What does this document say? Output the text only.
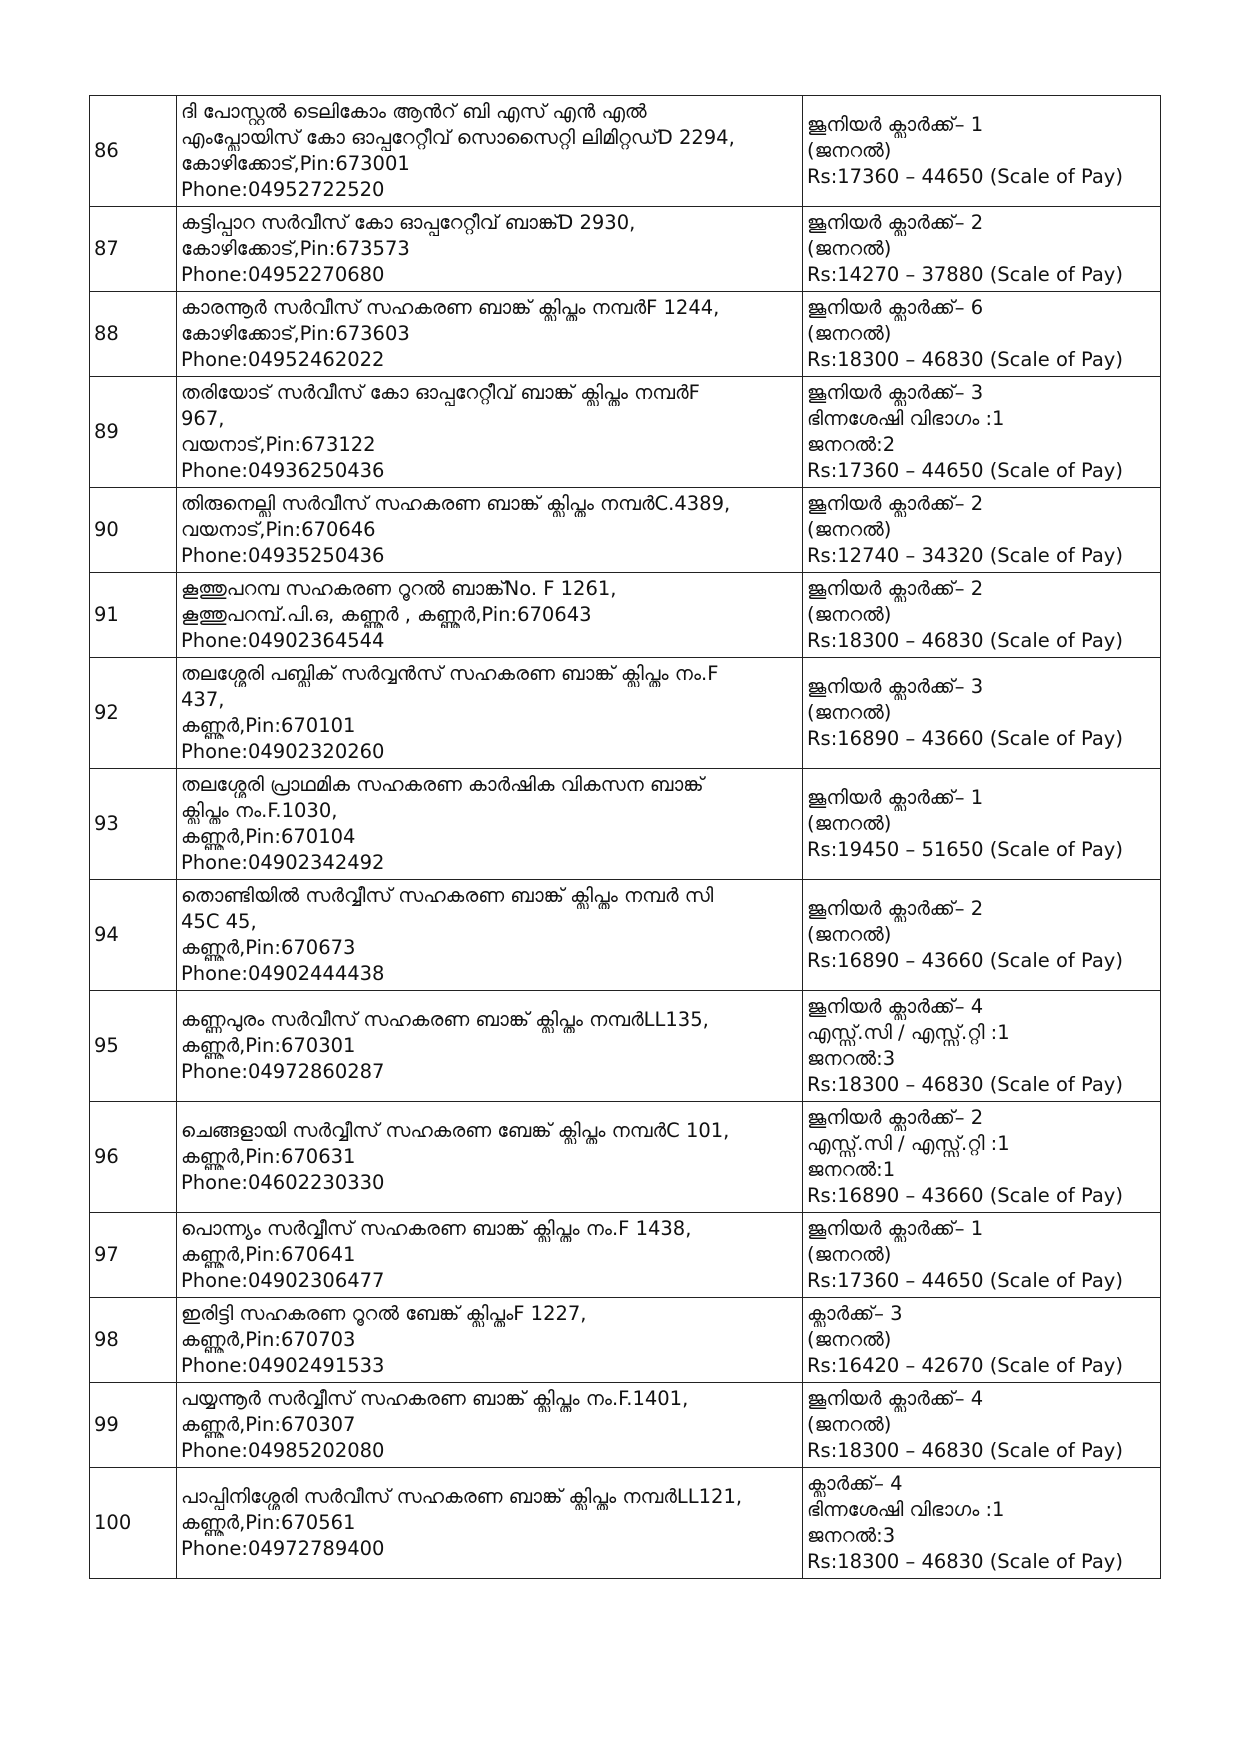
86	ദി പോസ്റ്റൽ ടെലികോം ആൻറ് ബി എസ് എൻ എൽ
എംപ്ലോയിസ് കോ ഓപ്പറേറ്റീവ് സൊസൈറ്റി ലിമിറ്റഡ്D 2294,
കോഴിക്കോട്,Pin:673001
Phone:04952722520	ജൂനിയർ ക്ലാർക്ക്– 1
(ജനറൽ)
Rs:17360 – 44650 (Scale of Pay)

87	കട്ടിപ്പാറ സർവീസ് കോ ഓപ്പറേറ്റീവ് ബാങ്ക്D 2930,
കോഴിക്കോട്,Pin:673573
Phone:04952270680	ജൂനിയർ ക്ലാർക്ക്– 2
(ജനറൽ)
Rs:14270 – 37880 (Scale of Pay)

88	കാരന്നൂർ സർവീസ് സഹകരണ ബാങ്ക് ക്ലിപ്തം നമ്പർF 1244,
കോഴിക്കോട്,Pin:673603
Phone:04952462022	ജൂനിയർ ക്ലാർക്ക്– 6
(ജനറൽ)
Rs:18300 – 46830 (Scale of Pay)

89	തരിയോട് സർവീസ് കോ ഓപ്പറേറ്റീവ് ബാങ്ക് ക്ലിപ്തം നമ്പർF
967,
വയനാട്,Pin:673122
Phone:04936250436	ജൂനിയർ ക്ലാർക്ക്– 3
ഭിന്നശേഷി വിഭാഗം :1
ജനറൽ:2
Rs:17360 – 44650 (Scale of Pay)

90	തിരുനെല്ലി സർവീസ് സഹകരണ ബാങ്ക് ക്ലിപ്തം നമ്പർC.4389,
വയനാട്,Pin:670646
Phone:04935250436	ജൂനിയർ ക്ലാർക്ക്– 2
(ജനറൽ)
Rs:12740 – 34320 (Scale of Pay)

91	കൂത്തുപറമ്പ സഹകരണ റൂറൽ ബാങ്ക്No. F 1261,
കൂത്തുപറമ്പ്.പി.ഒ, കണ്ണൂർ , കണ്ണൂർ,Pin:670643
Phone:04902364544	ജൂനിയർ ക്ലാർക്ക്– 2
(ജനറൽ)
Rs:18300 – 46830 (Scale of Pay)

92	തലശ്ശേരി പബ്ലിക് സർവ്വൻസ് സഹകരണ ബാങ്ക് ക്ലിപ്തം നം.F
437,
കണ്ണൂർ,Pin:670101
Phone:04902320260	ജൂനിയർ ക്ലാർക്ക്– 3
(ജനറൽ)
Rs:16890 – 43660 (Scale of Pay)

93	തലശ്ശേരി പ്രാഥമിക സഹകരണ കാർഷിക വികസന ബാങ്ക്
ക്ലിപ്തം നം.F.1030,
കണ്ണൂർ,Pin:670104
Phone:04902342492	ജൂനിയർ ക്ലാർക്ക്– 1
(ജനറൽ)
Rs:19450 – 51650 (Scale of Pay)

94	തൊണ്ടിയിൽ സർവ്വീസ് സഹകരണ ബാങ്ക് ക്ലിപ്തം നമ്പർ സി
45C 45,
കണ്ണൂർ,Pin:670673
Phone:04902444438	ജൂനിയർ ക്ലാർക്ക്– 2
(ജനറൽ)
Rs:16890 – 43660 (Scale of Pay)

95	കണ്ണപുരം സർവീസ് സഹകരണ ബാങ്ക് ക്ലിപ്തം നമ്പർLL135,
കണ്ണൂർ,Pin:670301
Phone:04972860287	ജൂനിയർ ക്ലാർക്ക്– 4
എസ്സ്.സി / എസ്സ്.റ്റി :1
ജനറൽ:3
Rs:18300 – 46830 (Scale of Pay)

96	ചെങ്ങളായി സർവ്വീസ് സഹകരണ ബേങ്ക് ക്ലിപ്തം നമ്പർC 101,
കണ്ണൂർ,Pin:670631
Phone:04602230330	ജൂനിയർ ക്ലാർക്ക്– 2
എസ്സ്.സി / എസ്സ്.റ്റി :1
ജനറൽ:1
Rs:16890 – 43660 (Scale of Pay)

97	പൊന്ന്യം സർവ്വീസ് സഹകരണ ബാങ്ക് ക്ലിപ്തം നം.F 1438,
കണ്ണൂർ,Pin:670641
Phone:04902306477	ജൂനിയർ ക്ലാർക്ക്– 1
(ജനറൽ)
Rs:17360 – 44650 (Scale of Pay)

98	ഇരിട്ടി സഹകരണ റൂറൽ ബേങ്ക് ക്ലിപ്തംF 1227,
കണ്ണൂർ,Pin:670703
Phone:04902491533	ക്ലാർക്ക്– 3
(ജനറൽ)
Rs:16420 – 42670 (Scale of Pay)

99	പയ്യന്നൂർ സർവ്വീസ് സഹകരണ ബാങ്ക് ക്ലിപ്തം നം.F.1401,
കണ്ണൂർ,Pin:670307
Phone:04985202080	ജൂനിയർ ക്ലാർക്ക്– 4
(ജനറൽ)
Rs:18300 – 46830 (Scale of Pay)

100	പാപ്പിനിശ്ശേരി സർവീസ് സഹകരണ ബാങ്ക് ക്ലിപ്തം നമ്പർLL121,
കണ്ണൂർ,Pin:670561
Phone:04972789400	ക്ലാർക്ക്– 4
ഭിന്നശേഷി വിഭാഗം :1
ജനറൽ:3
Rs:18300 – 46830 (Scale of Pay)
